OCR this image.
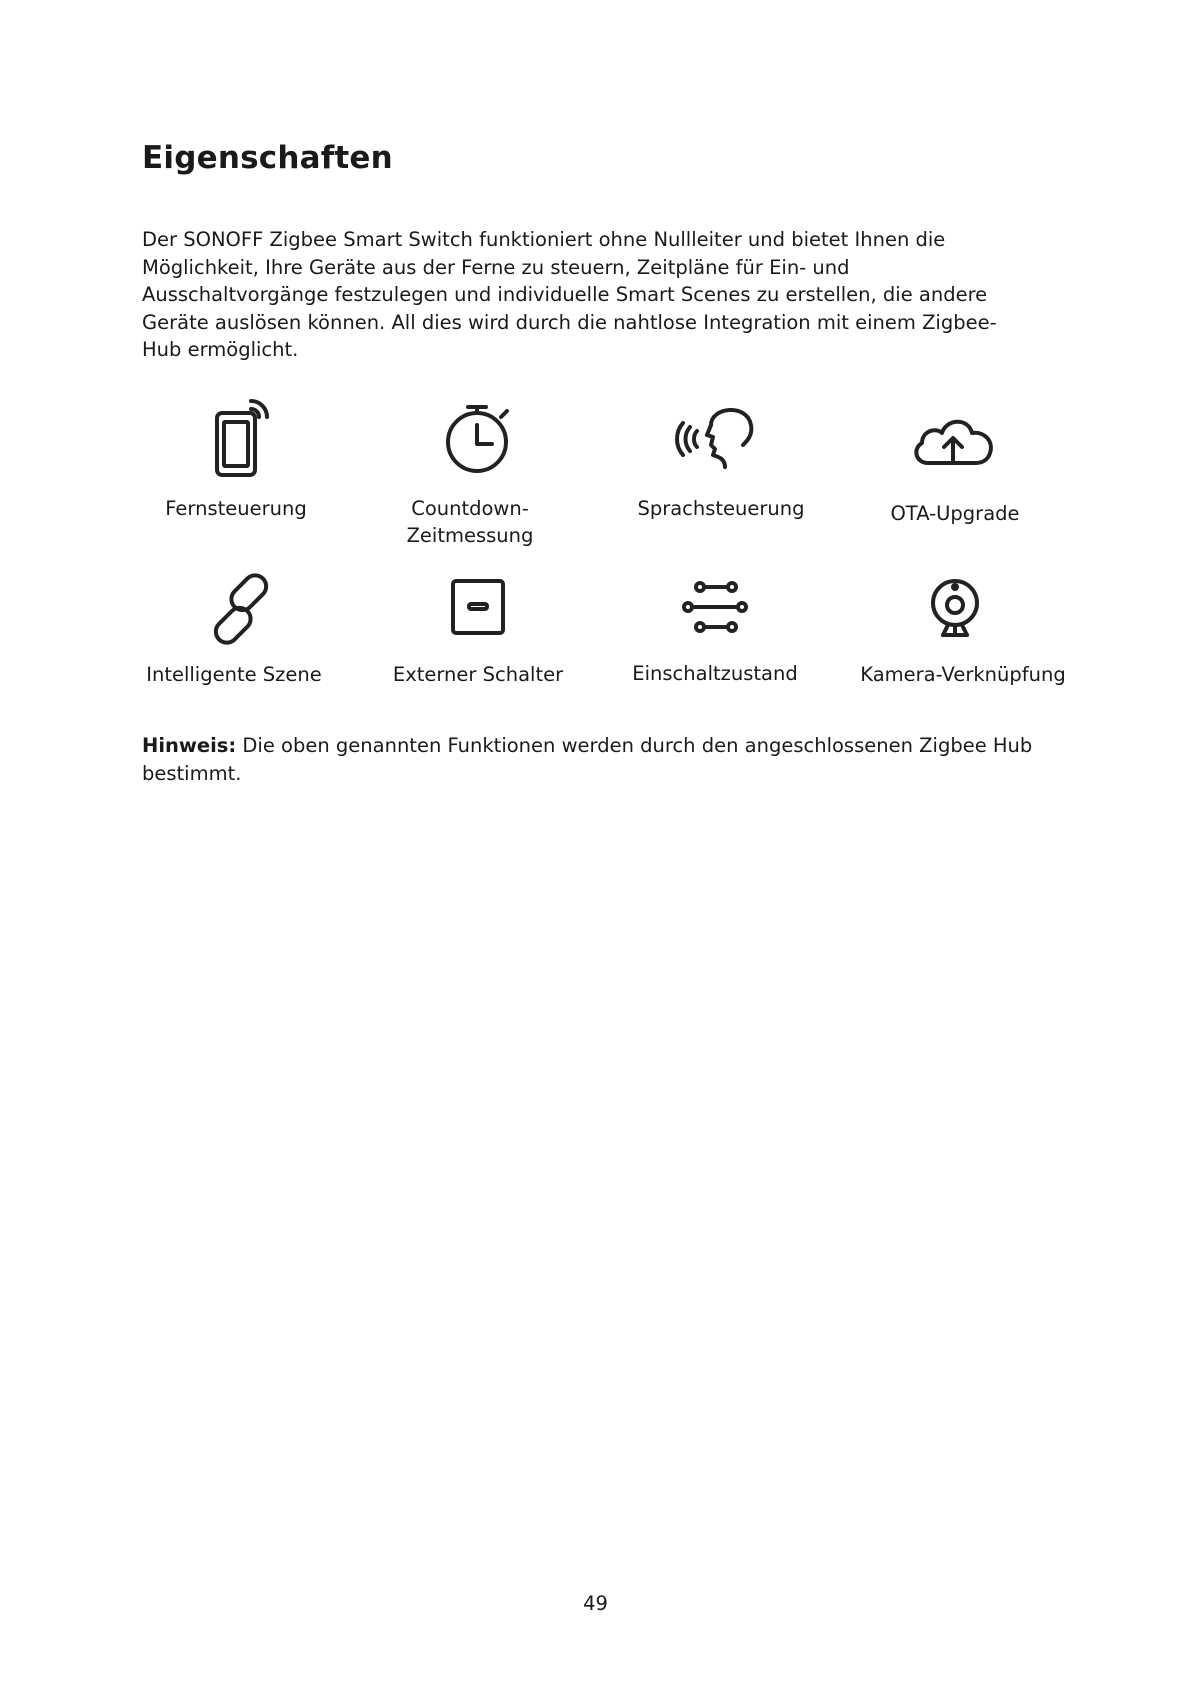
Eigenschaften

Der SONOFF Zigbee Smart Switch funktioniert ohne Nullleiter und bietet Ihnen die
Möglichkeit, Ihre Geräte aus der Ferne zu steuern, Zeitpläne für Ein- und
Ausschaltvorgänge festzulegen und individuelle Smart Scenes zu erstellen, die andere
Geräte auslösen können. All dies wird durch die nahtlose Integration mit einem Zigbee-
Hub ermöglicht.

Fernsteuerung	Countdown-
Zeitmessung
Sprachsteuerung	OTA-Upgrade
Intelligente Szene	Externer Schalter	Einschaltzustand	Kamera-Verknüpfung

Hinweis: Die oben genannten Funktionen werden durch den angeschlossenen Zigbee Hub bestimmt.

49
